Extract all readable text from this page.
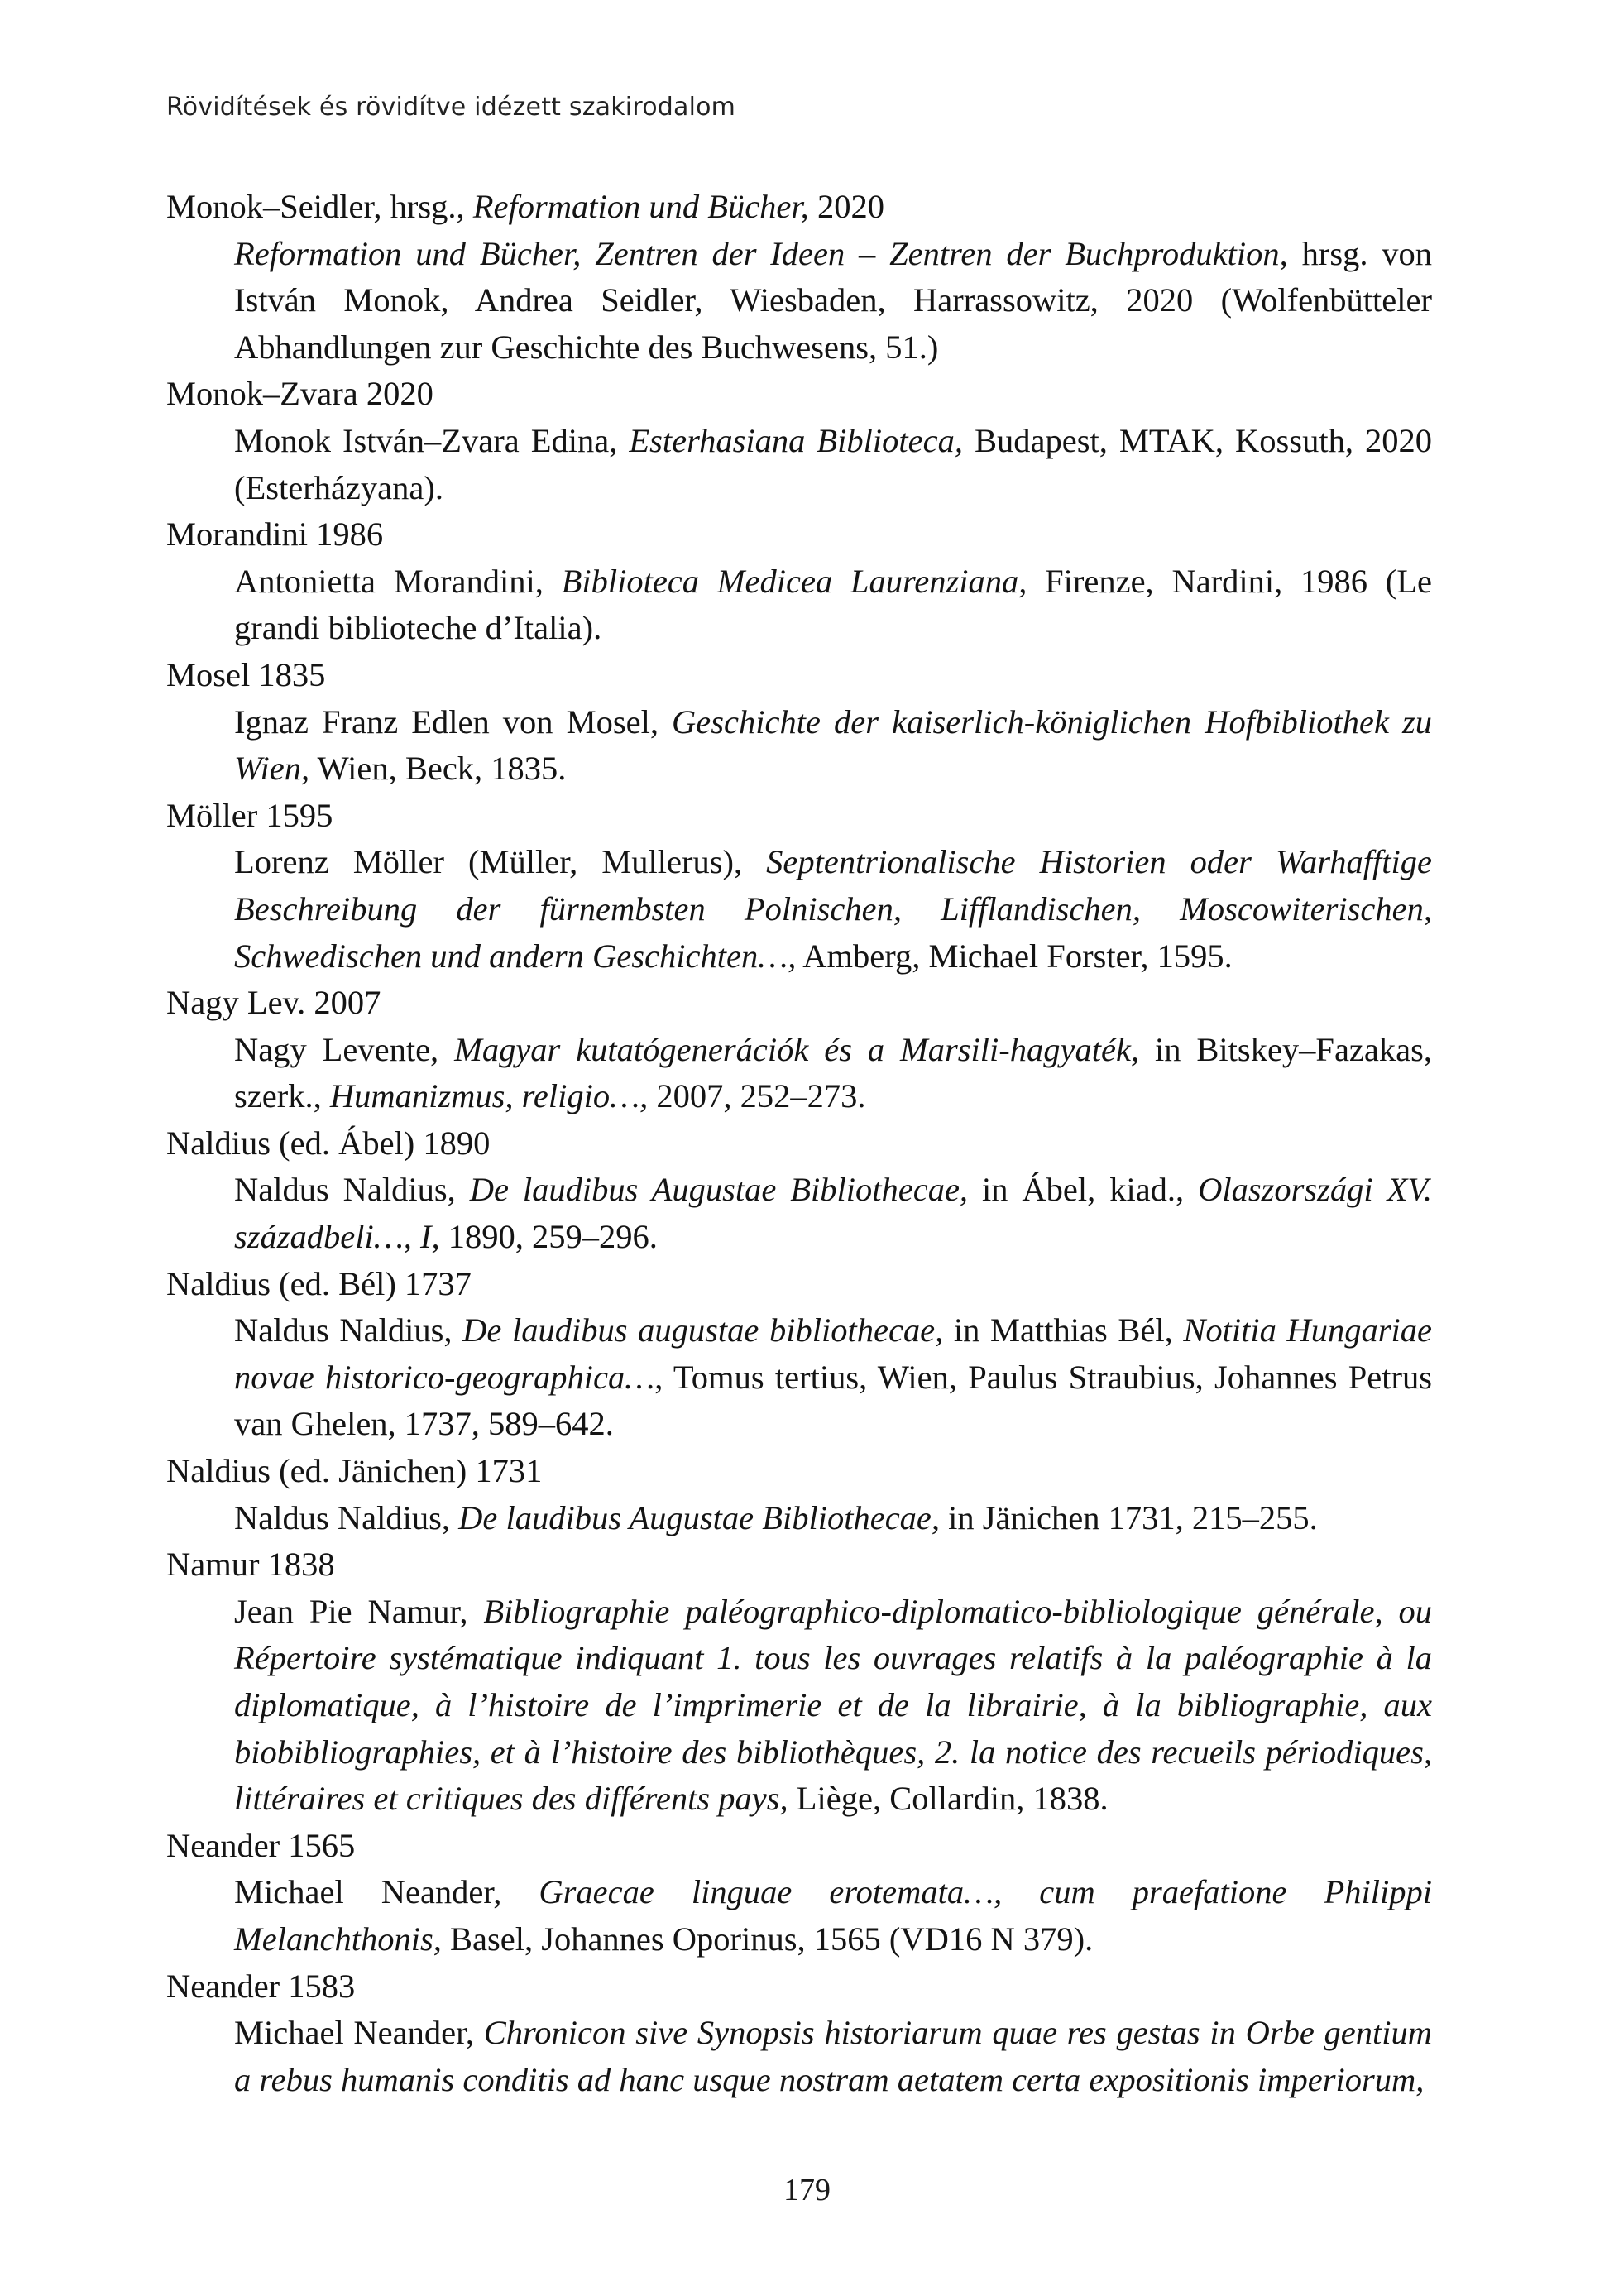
Rövidítések és rövidítve idézett szakirodalom
Monok–Seidler, hrsg., Reformation und Bücher, 2020
Reformation und Bücher, Zentren der Ideen – Zentren der Buchproduktion, hrsg. von István Monok, Andrea Seidler, Wiesbaden, Harrassowitz, 2020 (Wolfenbütteler Abhandlungen zur Geschichte des Buchwesens, 51.)
Monok–Zvara 2020
Monok István–Zvara Edina, Esterhasiana Biblioteca, Budapest, MTAK, Kossuth, 2020 (Esterházyana).
Morandini 1986
Antonietta Morandini, Biblioteca Medicea Laurenziana, Firenze, Nardini, 1986 (Le grandi biblioteche d’Italia).
Mosel 1835
Ignaz Franz Edlen von Mosel, Geschichte der kaiserlich-königlichen Hofbibliothek zu Wien, Wien, Beck, 1835.
Möller 1595
Lorenz Möller (Müller, Mullerus), Septentrionalische Historien oder Warhafftige Beschreibung der fürnembsten Polnischen, Lifflandischen, Moscowiterischen, Schwedischen und andern Geschichten…, Amberg, Michael Forster, 1595.
Nagy Lev. 2007
Nagy Levente, Magyar kutatógenerációk és a Marsili-hagyaték, in Bitskey–Fazakas, szerk., Humanizmus, religio…, 2007, 252–273.
Naldius (ed. Ábel) 1890
Naldus Naldius, De laudibus Augustae Bibliothecae, in Ábel, kiad., Olaszországi XV. századbeli…, I, 1890, 259–296.
Naldius (ed. Bél) 1737
Naldus Naldius, De laudibus augustae bibliothecae, in Matthias Bél, Notitia Hungariae novae historico-geographica…, Tomus tertius, Wien, Paulus Straubius, Johannes Petrus van Ghelen, 1737, 589–642.
Naldius (ed. Jänichen) 1731
Naldus Naldius, De laudibus Augustae Bibliothecae, in Jänichen 1731, 215–255.
Namur 1838
Jean Pie Namur, Bibliographie paléographico-diplomatico-bibliologique générale, ou Répertoire systématique indiquant 1. tous les ouvrages relatifs à la paléographie à la diplomatique, à l’histoire de l’imprimerie et de la librairie, à la bibliographie, aux biobibliographies, et à l’histoire des bibliothèques, 2. la notice des recueils périodiques, littéraires et critiques des différents pays, Liège, Collardin, 1838.
Neander 1565
Michael Neander, Graecae linguae erotemata…, cum praefatione Philippi Melanchthonis, Basel, Johannes Oporinus, 1565 (VD16 N 379).
Neander 1583
Michael Neander, Chronicon sive Synopsis historiarum quae res gestas in Orbe gentium a rebus humanis conditis ad hanc usque nostram aetatem certa expositionis imperiorum,
179
